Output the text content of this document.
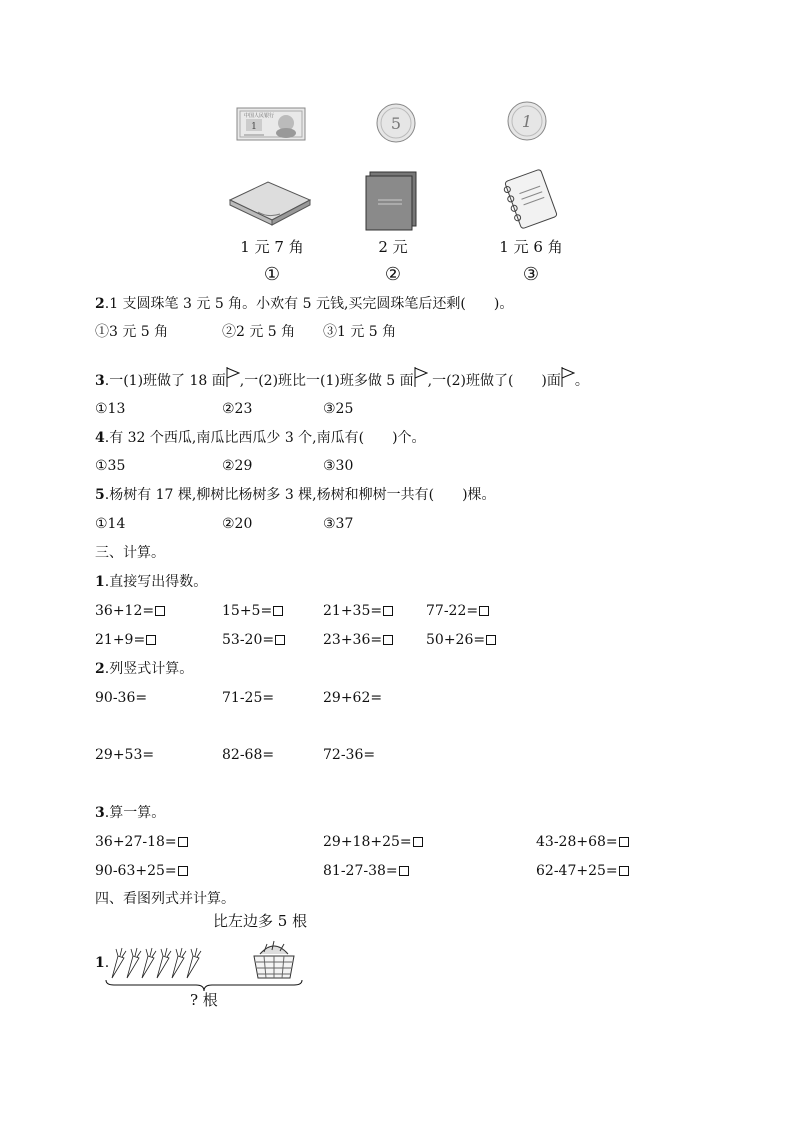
中国人民银行
1	5	1
1 元 7 角	2 元	1 元 6 角
①	②	③
2.1 支圆珠笔 3 元 5 角。小欢有 5 元钱,买完圆珠笔后还剩(　　)。
①3 元 5 角	②2 元 5 角 ③1 元 5 角
3.一(1)班做了 18 面 ,一(2)班比一(1)班多做 5 面 ,一(2)班做了(　　)面 。
①13	②23	③25
4.有 32 个西瓜,南瓜比西瓜少 3 个,南瓜有(　　)个。
①35	②29	③30
5.杨树有 17 棵,柳树比杨树多 3 棵,杨树和柳树一共有(　　)棵。
①14	②20	③37
三、计算。
1.直接写出得数。
36+12=	15+5=	21+35=	77-22=
21+9=	53-20=	23+36=	50+26=
2.列竖式计算。
90-36=	71-25=	29+62=
29+53=	82-68=	72-36=
3.算一算。
36+27-18=	29+18+25=	43-28+68=
90-63+25=	81-27-38=	62-47+25=
四、看图列式并计算。
比左边多 5 根
1.
? 根
